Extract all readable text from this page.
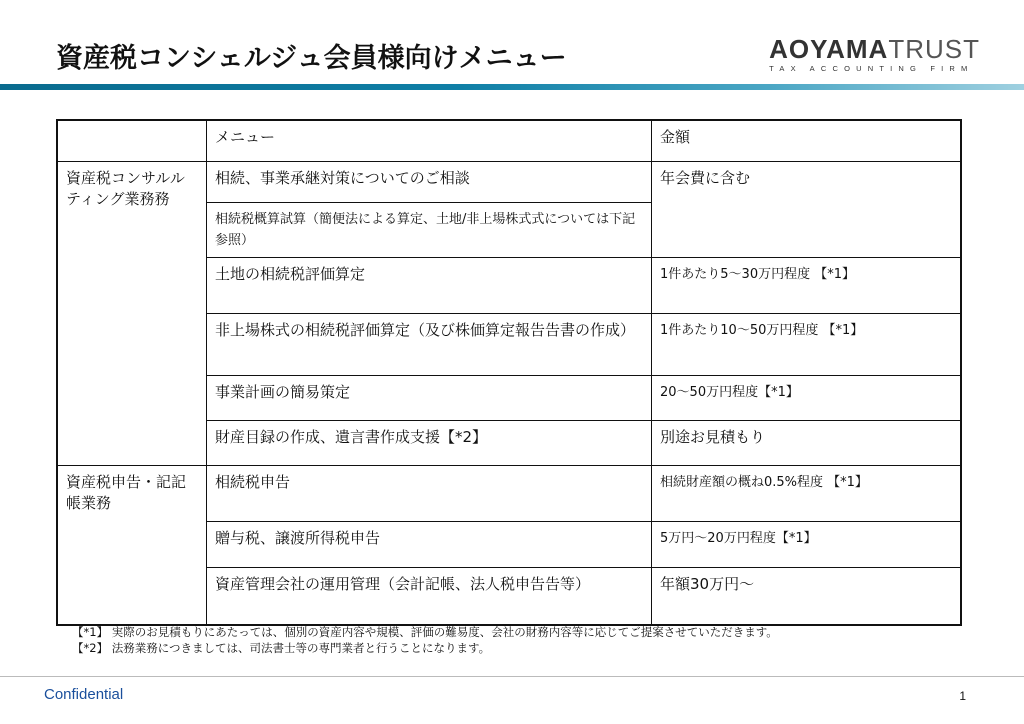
資産税コンシェルジュ会員様向けメニュー	AOYAMATRUST
TAX ACCOUNTING FIRM
	メニュー	金額
資産税コンサルルティング業務務	相続、事業承継対策についてのご相談	年会費に含む
	相続税概算試算（簡便法による算定、土地/非上場株式式については下記参照）	
	土地の相続税評価算定	1件あたり5～30万円程度 【*1】
	非上場株式の相続税評価算定（及び株価算定報告告書の作成）	1件あたり10～50万円程度 【*1】
	事業計画の簡易策定	20～50万円程度【*1】
	財産目録の作成、遺言書作成支援【*2】	別途お見積もり
資産税申告・記記帳業務	相続税申告	相続財産額の概ね0.5%程度 【*1】
	贈与税、譲渡所得税申告	5万円～20万円程度【*1】
	資産管理会社の運用管理（会計記帳、法人税申告告等）	年額30万円～
【*1】 実際のお見積もりにあたっては、個別の資産内容や規模、評価の難易度、会社の財務内容等に応じてご提案させていただきます。
【*2】 法務業務につきましては、司法書士等の専門業者と行うことになります。
Confidential	1
